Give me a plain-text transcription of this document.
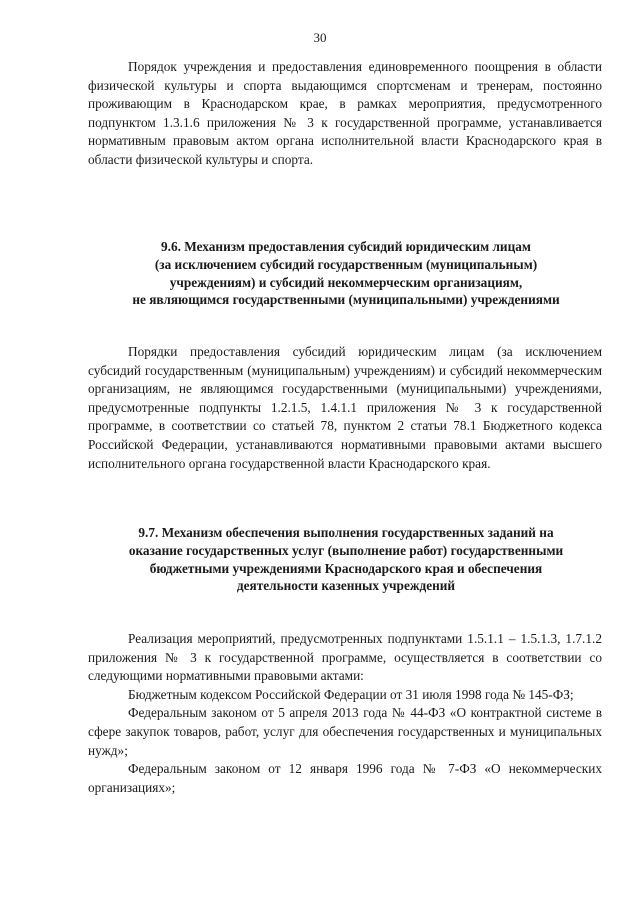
30

Порядок учреждения и предоставления единовременного поощрения в области физической культуры и спорта выдающимся спортсменам и тренерам, постоянно проживающим в Краснодарском крае, в рамках мероприятия, предусмотренного подпунктом 1.3.1.6 приложения № 3 к государственной программе, устанавливается нормативным правовым актом органа исполнительной власти Краснодарского края в области физической культуры и спорта.

9.6. Механизм предоставления субсидий юридическим лицам
(за исключением субсидий государственным (муниципальным)
учреждениям) и субсидий некоммерческим организациям,
не являющимся государственными (муниципальными) учреждениями

Порядки предоставления субсидий юридическим лицам (за исключением субсидий государственным (муниципальным) учреждениям) и субсидий некоммерческим организациям, не являющимся государственными (муниципальными) учреждениями, предусмотренные подпункты 1.2.1.5, 1.4.1.1 приложения № 3 к государственной программе, в соответствии со статьей 78, пунктом 2 статьи 78.1 Бюджетного кодекса Российской Федерации, устанавливаются нормативными правовыми актами высшего исполнительного органа государственной власти Краснодарского края.

9.7. Механизм обеспечения выполнения государственных заданий на
оказание государственных услуг (выполнение работ) государственными
бюджетными учреждениями Краснодарского края и обеспечения
деятельности казенных учреждений

Реализация мероприятий, предусмотренных подпунктами 1.5.1.1 – 1.5.1.3, 1.7.1.2 приложения № 3 к государственной программе, осуществляется в соответствии со следующими нормативными правовыми актами:

Бюджетным кодексом Российской Федерации от 31 июля 1998 года № 145-ФЗ;

Федеральным законом от 5 апреля 2013 года № 44-ФЗ «О контрактной системе в сфере закупок товаров, работ, услуг для обеспечения государственных и муниципальных нужд»;

Федеральным законом от 12 января 1996 года № 7-ФЗ «О некоммерческих организациях»;
